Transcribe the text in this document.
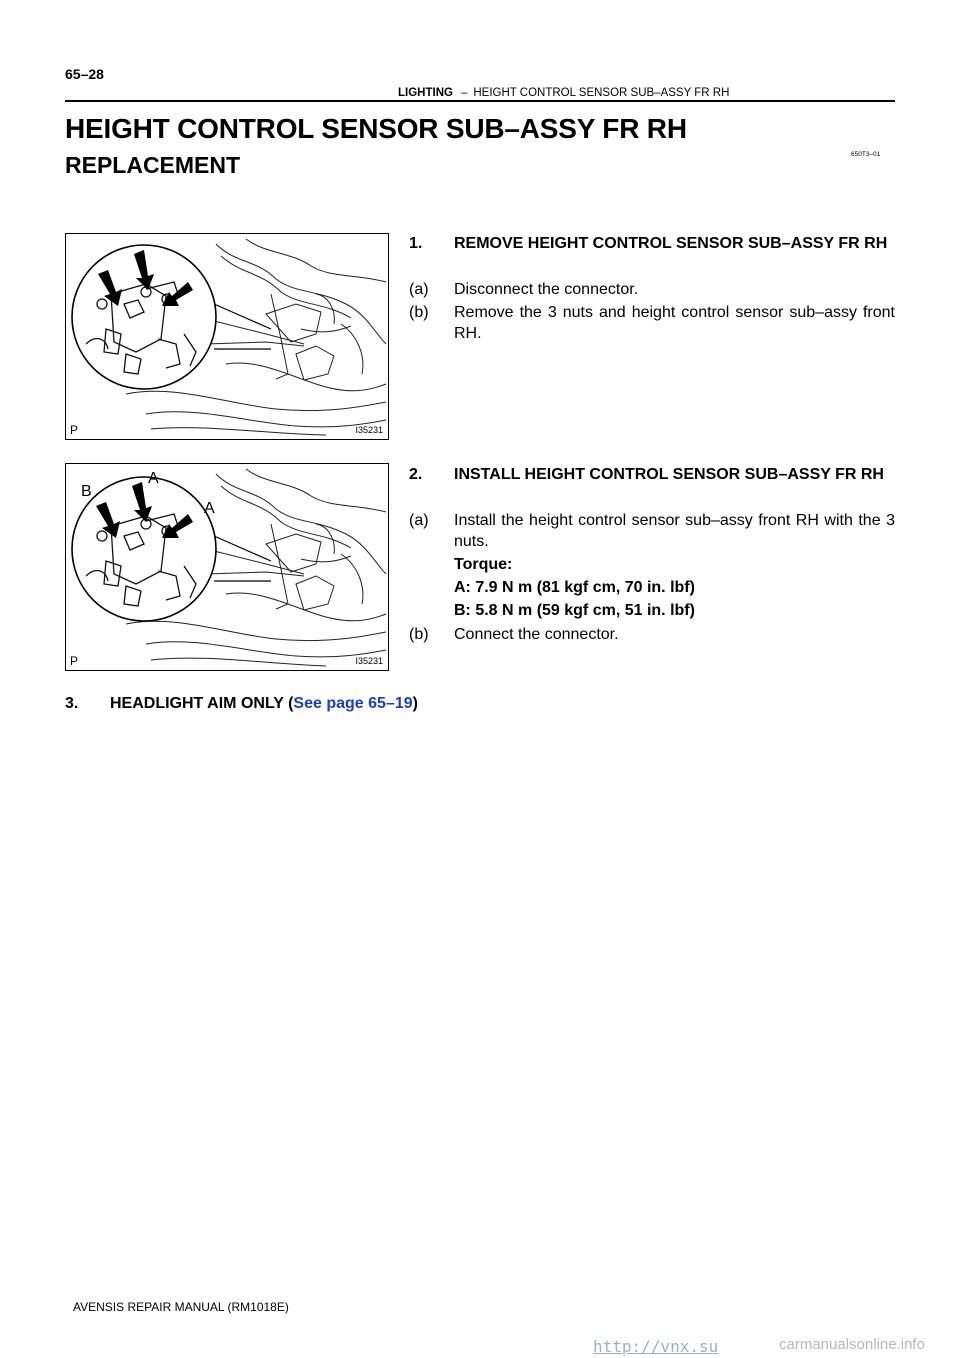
65–28
LIGHTING – HEIGHT CONTROL SENSOR SUB–ASSY FR RH
HEIGHT CONTROL SENSOR SUB–ASSY FR RH
REPLACEMENT	650T3–01
P	I35231
A
A
B
P	I35231
1. REMOVE HEIGHT CONTROL SENSOR SUB–ASSY FR RH
(a) Disconnect the connector.
(b) Remove the 3 nuts and height control sensor sub–assy front RH.
2. INSTALL HEIGHT CONTROL SENSOR SUB–ASSY FR RH
(a) Install the height control sensor sub–assy front RH with the 3 nuts.
Torque:
A: 7.9 N m (81 kgf cm, 70 in. lbf)
B: 5.8 N m (59 kgf cm, 51 in. lbf)
(b) Connect the connector.
3. HEADLIGHT AIM ONLY (See page 65–19)
AVENSIS REPAIR MANUAL (RM1018E)
http://vnx.su	carmanualsonline.info
